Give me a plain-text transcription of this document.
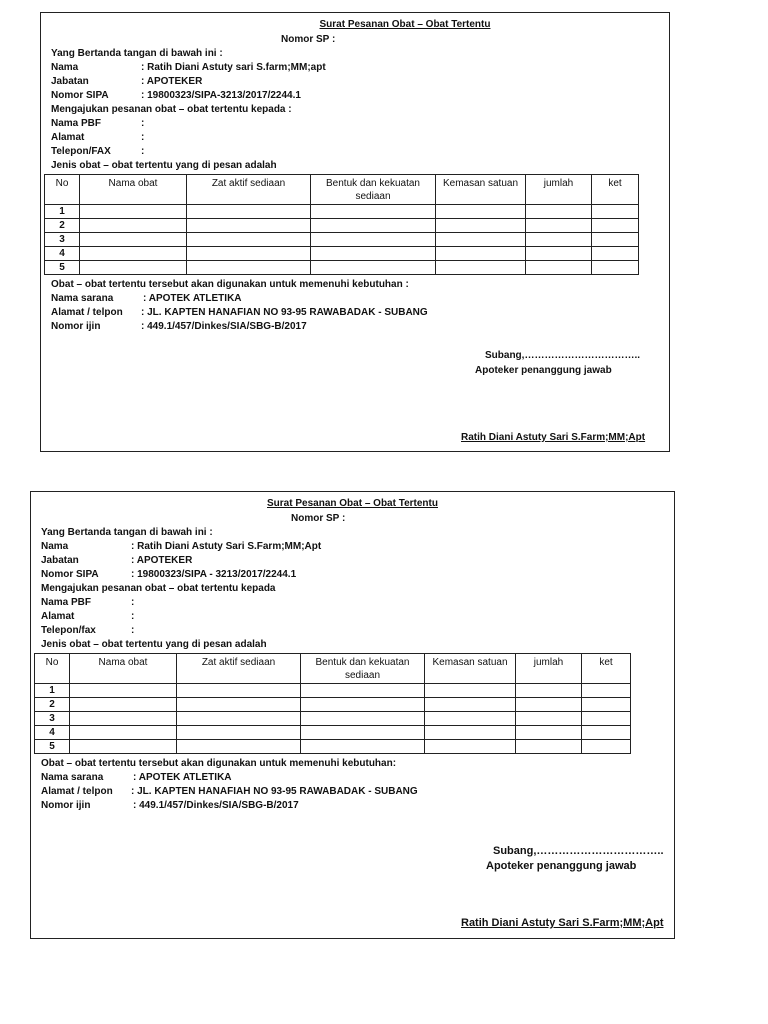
Surat Pesanan Obat – Obat Tertentu
Nomor SP :
Yang Bertanda tangan di bawah ini :
Nama	: Ratih Diani Astuty sari S.farm;MM;apt
Jabatan	: APOTEKER
Nomor SIPA	: 19800323/SIPA-3213/2017/2244.1
Mengajukan pesanan obat – obat tertentu kepada :
Nama PBF	:
Alamat	:
Telepon/FAX	:
Jenis obat – obat tertentu yang di pesan adalah
No	Nama obat	Zat aktif sediaan	Bentuk dan kekuatan sediaan	Kemasan satuan	jumlah	ket
1						
2						
3						
4						
5						
Obat – obat tertentu tersebut akan digunakan untuk memenuhi kebutuhan :
Nama sarana	: APOTEK ATLETIKA
Alamat / telpon : JL. KAPTEN HANAFIAN NO 93-95 RAWABADAK - SUBANG
Nomor ijin	: 449.1/457/Dinkes/SIA/SBG-B/2017
Subang,……………………………..
Apoteker penanggung jawab
Ratih Diani Astuty Sari S.Farm;MM;Apt
Surat Pesanan Obat – Obat Tertentu
Nomor SP :
Yang Bertanda tangan di bawah ini :
Nama	: Ratih Diani Astuty Sari S.Farm;MM;Apt
Jabatan	: APOTEKER
Nomor SIPA	: 19800323/SIPA - 3213/2017/2244.1
Mengajukan pesanan obat – obat tertentu kepada
Nama PBF	:
Alamat	:
Telepon/fax	:
Jenis obat – obat tertentu yang di pesan adalah
No	Nama obat	Zat aktif sediaan	Bentuk dan kekuatan sediaan	Kemasan satuan	jumlah	ket
1						
2						
3						
4						
5						
Obat – obat tertentu tersebut akan digunakan untuk memenuhi kebutuhan:
Nama sarana	: APOTEK ATLETIKA
Alamat / telpon : JL. KAPTEN HANAFIAH NO 93-95 RAWABADAK - SUBANG
Nomor ijin	: 449.1/457/Dinkes/SIA/SBG-B/2017
Subang,……………………………..
Apoteker penanggung jawab
Ratih Diani Astuty Sari S.Farm;MM;Apt
